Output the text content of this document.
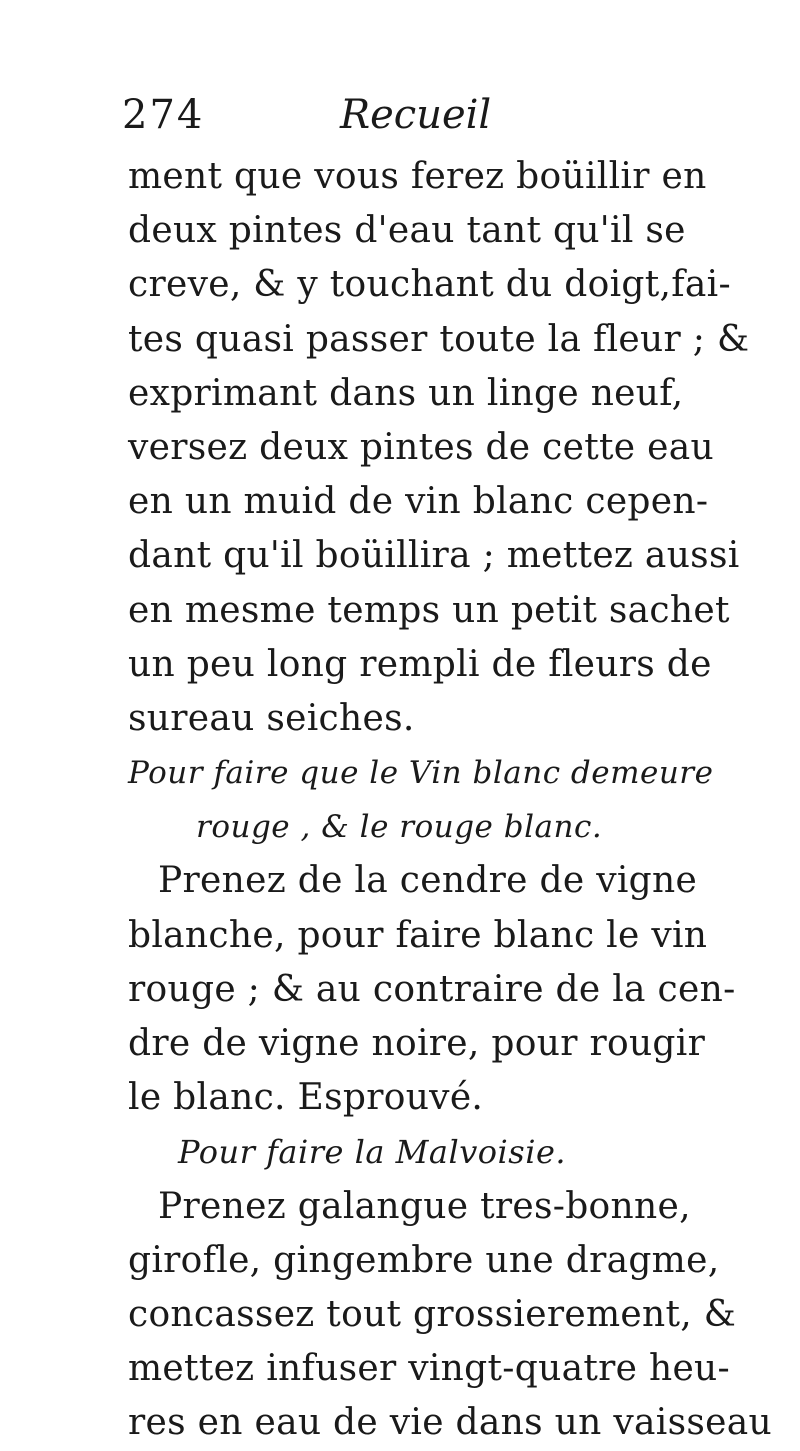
274	Recueil
ment que vous ferez boüillir en
deux pintes d'eau tant qu'il se
creve, & y touchant du doigt,fai-
tes quasi passer toute la fleur ; &
exprimant dans un linge neuf,
versez deux pintes de cette eau
en un muid de vin blanc cepen-
dant qu'il boüillira ; mettez aussi
en mesme temps un petit sachet
un peu long rempli de fleurs de
sureau seiches.
Pour faire que le Vin blanc demeure
rouge , & le rouge blanc.
Prenez de la cendre de vigne
blanche, pour faire blanc le vin
rouge ; & au contraire de la cen-
dre de vigne noire, pour rougir
le blanc. Esprouvé.
Pour faire la Malvoisie.
Prenez galangue tres-bonne,
girofle, gingembre une dragme,
concassez tout grossierement, &
mettez infuser vingt-quatre heu-
res en eau de vie dans un vaisseau
